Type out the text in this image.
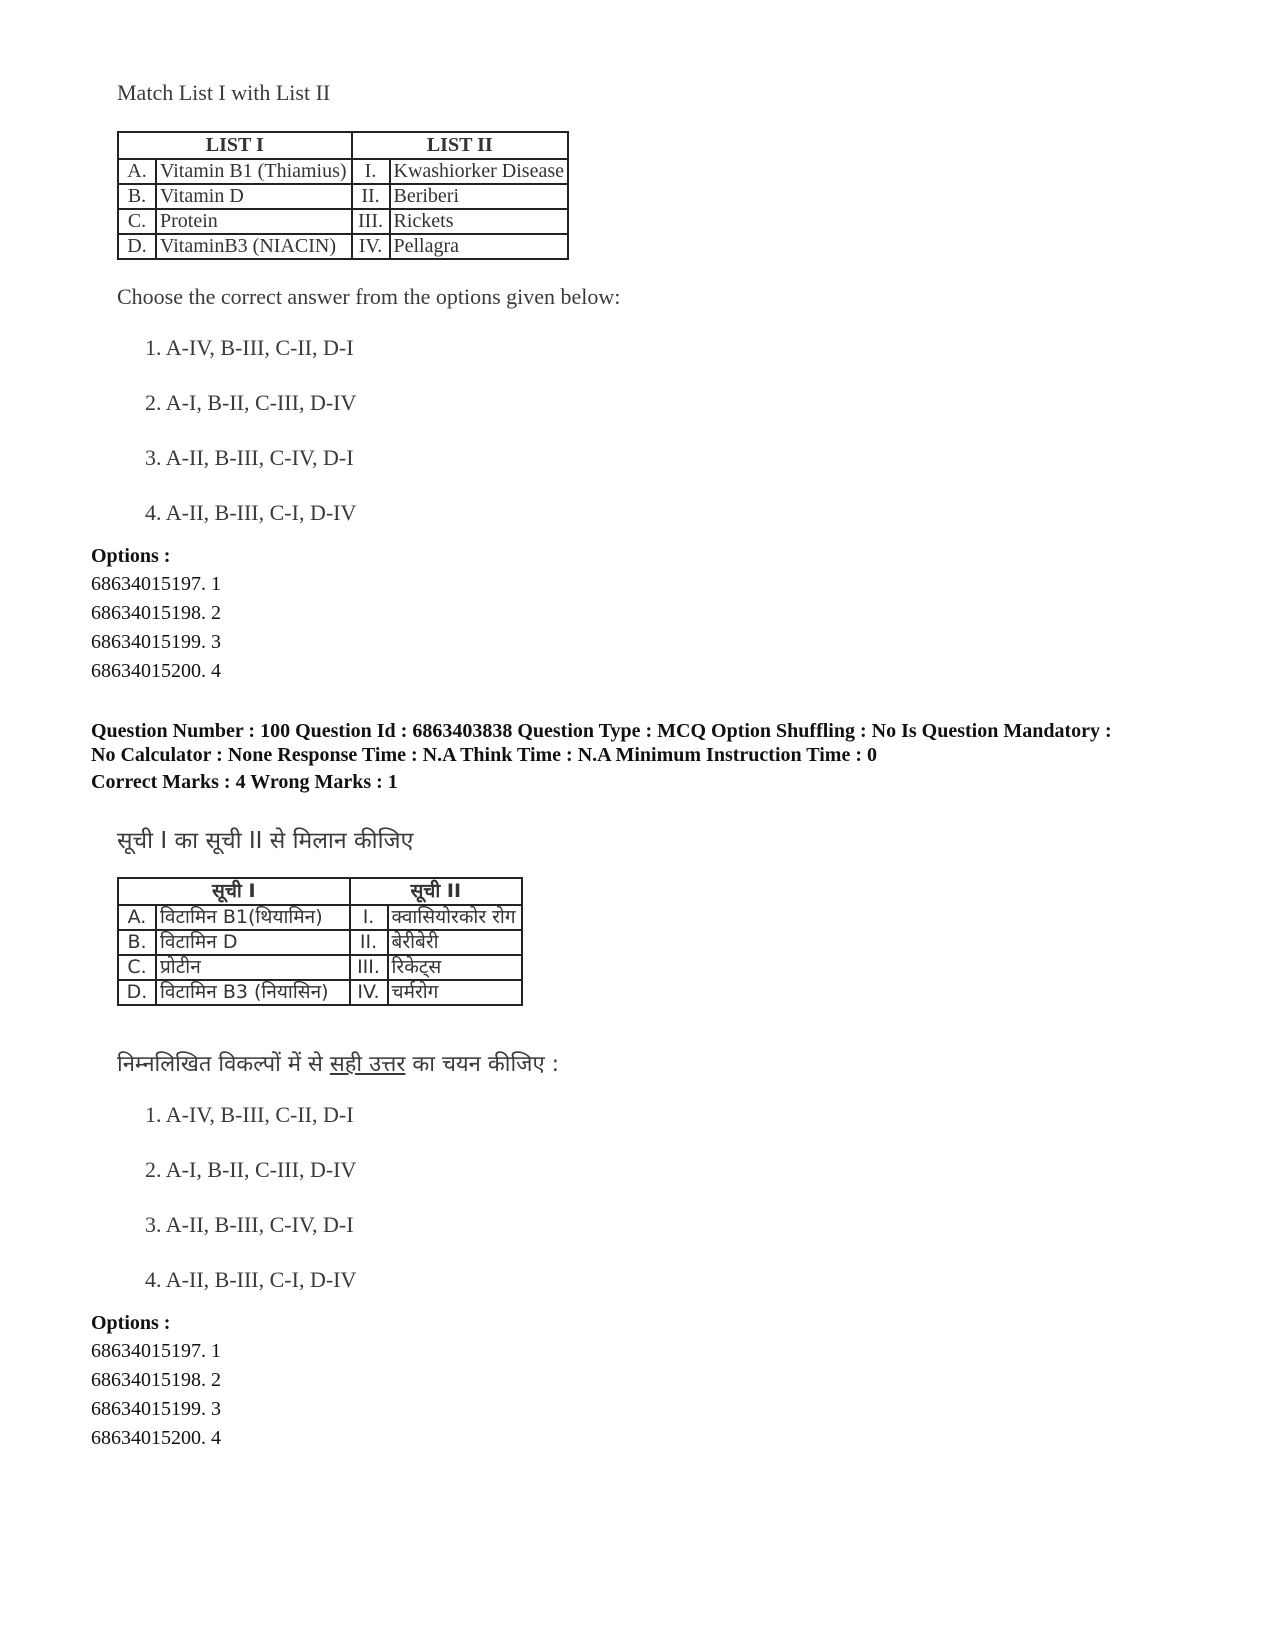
Match List I with List II
LIST I		LIST II	
A.	Vitamin B1 (Thiamius)	I.	Kwashiorker Disease
B.	Vitamin D	II.	Beriberi
C.	Protein	III.	Rickets
D.	VitaminB3 (NIACIN)	IV.	Pellagra
Choose the correct answer from the options given below:
1. A-IV, B-III, C-II, D-I
2. A-I, B-II, C-III, D-IV
3. A-II, B-III, C-IV, D-I
4. A-II, B-III, C-I, D-IV
Options :
68634015197. 1
68634015198. 2
68634015199. 3
68634015200. 4
Question Number : 100 Question Id : 6863403838 Question Type : MCQ Option Shuffling : No Is Question Mandatory :
No Calculator : None Response Time : N.A Think Time : N.A Minimum Instruction Time : 0
Correct Marks : 4 Wrong Marks : 1
सूची I का सूची II से मिलान कीजिए
सूची I		सूची II	
A.	विटामिन B1(थियामिन)	I.	क्वासियोरकोर रोग
B.	विटामिन D	II.	बेरीबेरी
C.	प्रोटीन	III.	रिकेट्स
D.	विटामिन B3 (नियासिन)	IV.	चर्मरोग
निम्नलिखित विकल्पों में से सही उत्तर का चयन कीजिए :
1. A-IV, B-III, C-II, D-I
2. A-I, B-II, C-III, D-IV
3. A-II, B-III, C-IV, D-I
4. A-II, B-III, C-I, D-IV
Options :
68634015197. 1
68634015198. 2
68634015199. 3
68634015200. 4
